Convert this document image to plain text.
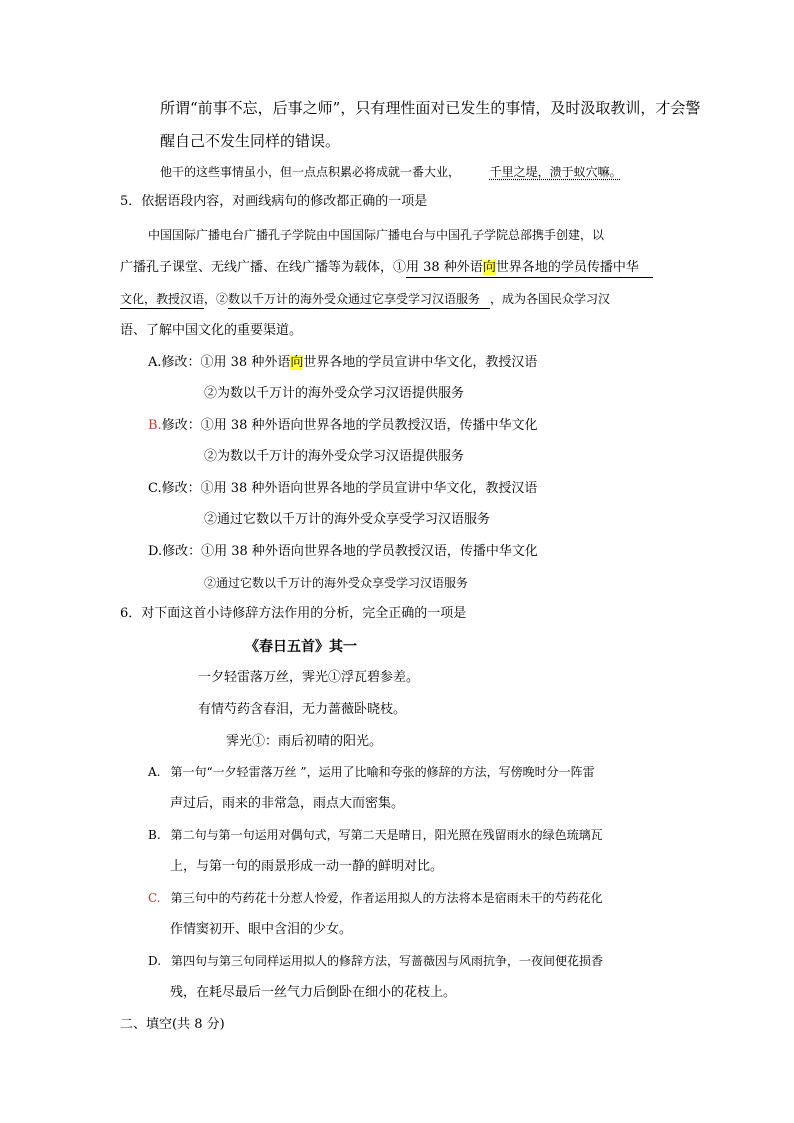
所谓“前事不忘，后事之师”，只有理性面对已发生的事情，及时汲取教训，才会警
醒自己不发生同样的错误。
他干的这些事情虽小，但一点点积累必将成就一番大业， 千里之堤，溃于蚁穴嘛。
5．依据语段内容，对画线病句的修改都正确的一项是
中国国际广播电台广播孔子学院由中国国际广播电台与中国孔子学院总部携手创建，以
广播孔子课堂、无线广播、在线广播等为载体，①用 38 种外语向世界各地的学员传播中华
文化，教授汉语，②数以千万计的海外受众通过它享受学习汉语服务 ，成为各国民众学习汉
语、了解中国文化的重要渠道。
A.修改：①用 38 种外语向世界各地的学员宣讲中华文化，教授汉语
②为数以千万计的海外受众学习汉语提供服务
B.修改：①用 38 种外语向世界各地的学员教授汉语，传播中华文化
②为数以千万计的海外受众学习汉语提供服务
C.修改：①用 38 种外语向世界各地的学员宣讲中华文化，教授汉语
②通过它数以千万计的海外受众享受学习汉语服务
D.修改：①用 38 种外语向世界各地的学员教授汉语，传播中华文化
②通过它数以千万计的海外受众享受学习汉语服务
6．对下面这首小诗修辞方法作用的分析，完全正确的一项是
《春日五首》其一
一夕轻雷落万丝，霁光①浮瓦碧参差。
有情芍药含春泪，无力蔷薇卧晓枝。
霁光①：雨后初晴的阳光。
A. 第一句“一夕轻雷落万丝 ”，运用了比喻和夸张的修辞的方法，写傍晚时分一阵雷
声过后，雨来的非常急，雨点大而密集。
B. 第二句与第一句运用对偶句式，写第二天是晴日，阳光照在残留雨水的绿色琉璃瓦
上，与第一句的雨景形成一动一静的鲜明对比。
C. 第三句中的芍药花十分惹人怜爱，作者运用拟人的方法将本是宿雨未干的芍药花化
作情窦初开、眼中含泪的少女。
D. 第四句与第三句同样运用拟人的修辞方法，写蔷薇因与风雨抗争，一夜间便花损香
残，在耗尽最后一丝气力后倒卧在细小的花枝上。
二、填空(共 8 分)
